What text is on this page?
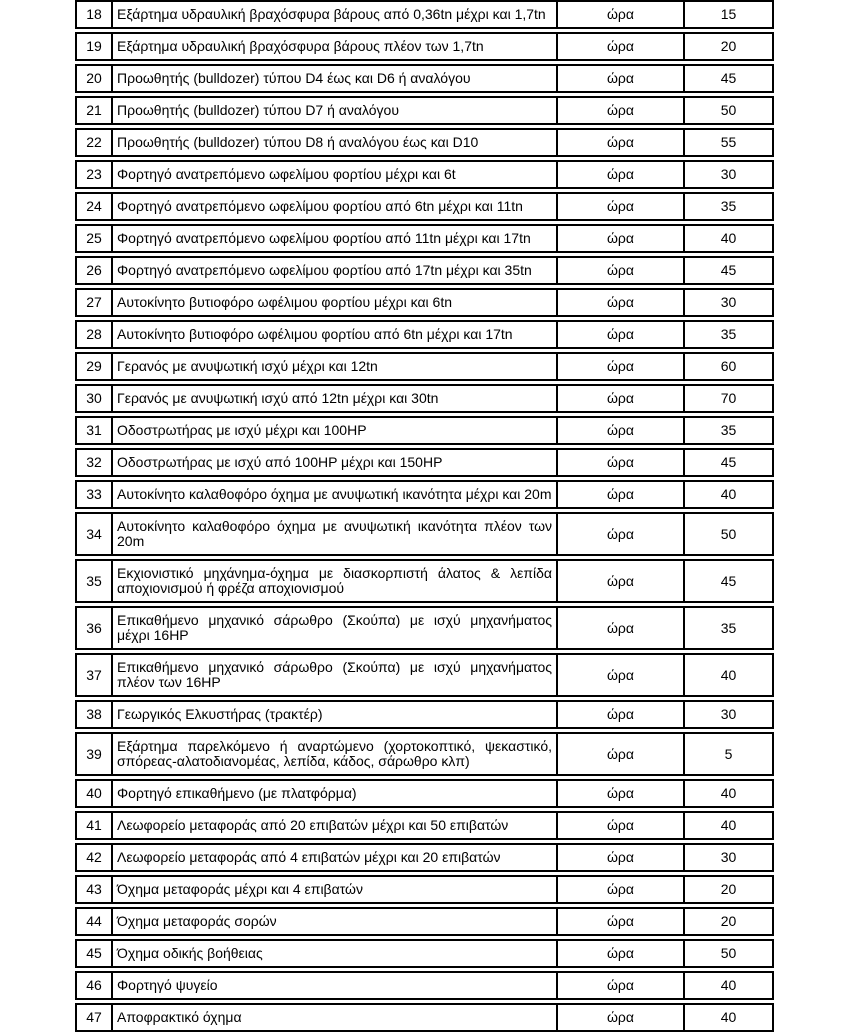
18	Εξάρτημα υδραυλική βραχόσφυρα βάρους από 0,36tn μέχρι και 1,7tn	ώρα	15
19	Εξάρτημα υδραυλική βραχόσφυρα βάρους πλέον των 1,7tn	ώρα	20
20	Προωθητής (bulldozer) τύπου D4 έως και D6 ή αναλόγου	ώρα	45
21	Προωθητής (bulldozer) τύπου D7 ή αναλόγου	ώρα	50
22	Προωθητής (bulldozer) τύπου D8 ή αναλόγου έως και D10	ώρα	55
23	Φορτηγό ανατρεπόμενο ωφελίμου φορτίου μέχρι και 6t	ώρα	30
24	Φορτηγό ανατρεπόμενο ωφελίμου φορτίου από 6tn μέχρι και 11tn	ώρα	35
25	Φορτηγό ανατρεπόμενο ωφελίμου φορτίου από 11tn μέχρι και 17tn	ώρα	40
26	Φορτηγό ανατρεπόμενο ωφελίμου φορτίου από 17tn μέχρι και 35tn	ώρα	45
27	Αυτοκίνητο βυτιοφόρο ωφέλιμου φορτίου μέχρι και 6tn	ώρα	30
28	Αυτοκίνητο βυτιοφόρο ωφέλιμου φορτίου από 6tn μέχρι και 17tn	ώρα	35
29	Γερανός με ανυψωτική ισχύ μέχρι και 12tn	ώρα	60
30	Γερανός με ανυψωτική ισχύ από 12tn μέχρι και 30tn	ώρα	70
31	Οδοστρωτήρας με ισχύ μέχρι και 100HP	ώρα	35
32	Οδοστρωτήρας με ισχύ από 100HP μέχρι και 150HP	ώρα	45
33	Αυτοκίνητο καλαθοφόρο όχημα με ανυψωτική ικανότητα μέχρι και 20m	ώρα	40
34	Αυτοκίνητο καλαθοφόρο όχημα με ανυψωτική ικανότητα πλέον των 20m	ώρα	50
35	Εκχιονιστικό μηχάνημα-όχημα με διασκορπιστή άλατος & λεπίδα αποχιονισμού ή φρέζα αποχιονισμού	ώρα	45
36	Επικαθήμενο μηχανικό σάρωθρο (Σκούπα) με ισχύ μηχανήματος μέχρι 16HP	ώρα	35
37	Επικαθήμενο μηχανικό σάρωθρο (Σκούπα) με ισχύ μηχανήματος πλέον των 16HP	ώρα	40
38	Γεωργικός Ελκυστήρας (τρακτέρ)	ώρα	30
39	Εξάρτημα παρελκόμενο ή αναρτώμενο (χορτοκοπτικό, ψεκαστικό, σπόρεας-αλατοδιανομέας, λεπίδα, κάδος, σάρωθρο κλπ)	ώρα	5
40	Φορτηγό επικαθήμενο (με πλατφόρμα)	ώρα	40
41	Λεωφορείο μεταφοράς από 20 επιβατών μέχρι και 50 επιβατών	ώρα	40
42	Λεωφορείο μεταφοράς από 4 επιβατών μέχρι και 20 επιβατών	ώρα	30
43	Όχημα μεταφοράς μέχρι και 4 επιβατών	ώρα	20
44	Όχημα μεταφοράς σορών	ώρα	20
45	Όχημα οδικής βοήθειας	ώρα	50
46	Φορτηγό ψυγείο	ώρα	40
47	Αποφρακτικό όχημα	ώρα	40
